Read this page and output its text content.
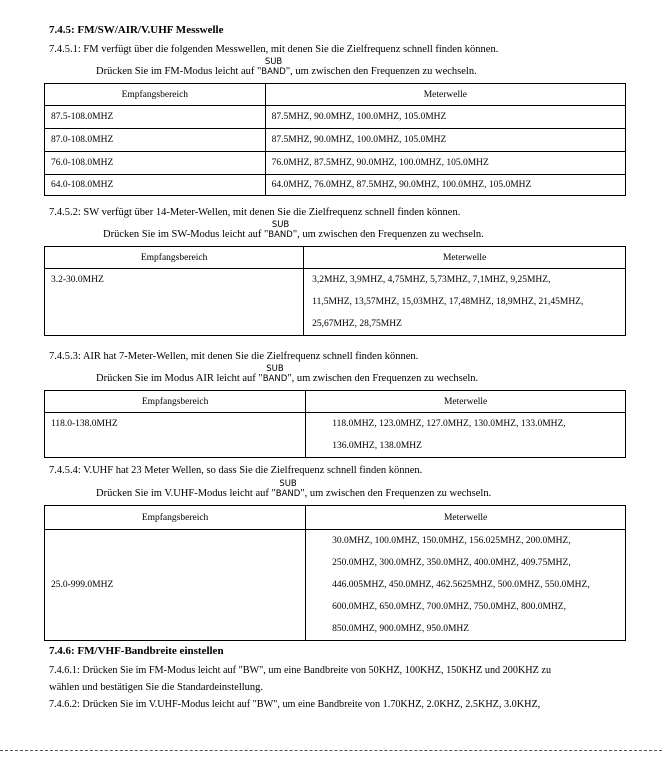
7.4.5: FM/SW/AIR/V.UHF Messwelle
7.4.5.1: FM verfügt über die folgenden Messwellen, mit denen Sie die Zielfrequenz schnell finden können.
Drücken Sie im FM-Modus leicht auf "
SUB
BAND", um zwischen den Frequenzen zu wechseln.
Empfangsbereich	Meterwelle
87.5-108.0MHZ	87.5MHZ, 90.0MHZ, 100.0MHZ, 105.0MHZ
87.0-108.0MHZ	87.5MHZ, 90.0MHZ, 100.0MHZ, 105.0MHZ
76.0-108.0MHZ	76.0MHZ, 87.5MHZ, 90.0MHZ, 100.0MHZ, 105.0MHZ
64.0-108.0MHZ	64.0MHZ, 76.0MHZ, 87.5MHZ, 90.0MHZ, 100.0MHZ, 105.0MHZ
7.4.5.2: SW verfügt über 14-Meter-Wellen, mit denen Sie die Zielfrequenz schnell finden können.
Drücken Sie im SW-Modus leicht auf "
SUB
BAND", um zwischen den Frequenzen zu wechseln.
Empfangsbereich	Meterwelle
3.2-30.0MHZ	3,2MHZ, 3,9MHZ, 4,75MHZ, 5,73MHZ, 7,1MHZ, 9,25MHZ,
11,5MHZ, 13,57MHZ, 15,03MHZ, 17,48MHZ, 18,9MHZ, 21,45MHZ,
25,67MHZ, 28,75MHZ
7.4.5.3: AIR hat 7-Meter-Wellen, mit denen Sie die Zielfrequenz schnell finden können.
Drücken Sie im Modus AIR leicht auf "
SUB
BAND", um zwischen den Frequenzen zu wechseln.
Empfangsbereich	Meterwelle
118.0-138.0MHZ	118.0MHZ, 123.0MHZ, 127.0MHZ, 130.0MHZ, 133.0MHZ,
136.0MHZ, 138.0MHZ
7.4.5.4: V.UHF hat 23 Meter Wellen, so dass Sie die Zielfrequenz schnell finden können.
Drücken Sie im V.UHF-Modus leicht auf "
SUB
BAND", um zwischen den Frequenzen zu wechseln.
Empfangsbereich	Meterwelle
25.0-999.0MHZ	30.0MHZ, 100.0MHZ, 150.0MHZ, 156.025MHZ, 200.0MHZ,
250.0MHZ, 300.0MHZ, 350.0MHZ, 400.0MHZ, 409.75MHZ,
446.005MHZ, 450.0MHZ, 462.5625MHZ, 500.0MHZ, 550.0MHZ,
600.0MHZ, 650.0MHZ, 700.0MHZ, 750.0MHZ, 800.0MHZ,
850.0MHZ, 900.0MHZ, 950.0MHZ
7.4.6: FM/VHF-Bandbreite einstellen
7.4.6.1: Drücken Sie im FM-Modus leicht auf "BW", um eine Bandbreite von 50KHZ, 100KHZ, 150KHZ und 200KHZ zu
wählen und bestätigen Sie die Standardeinstellung.
7.4.6.2: Drücken Sie im V.UHF-Modus leicht auf "BW", um eine Bandbreite von 1.70KHZ, 2.0KHZ, 2.5KHZ, 3.0KHZ,
